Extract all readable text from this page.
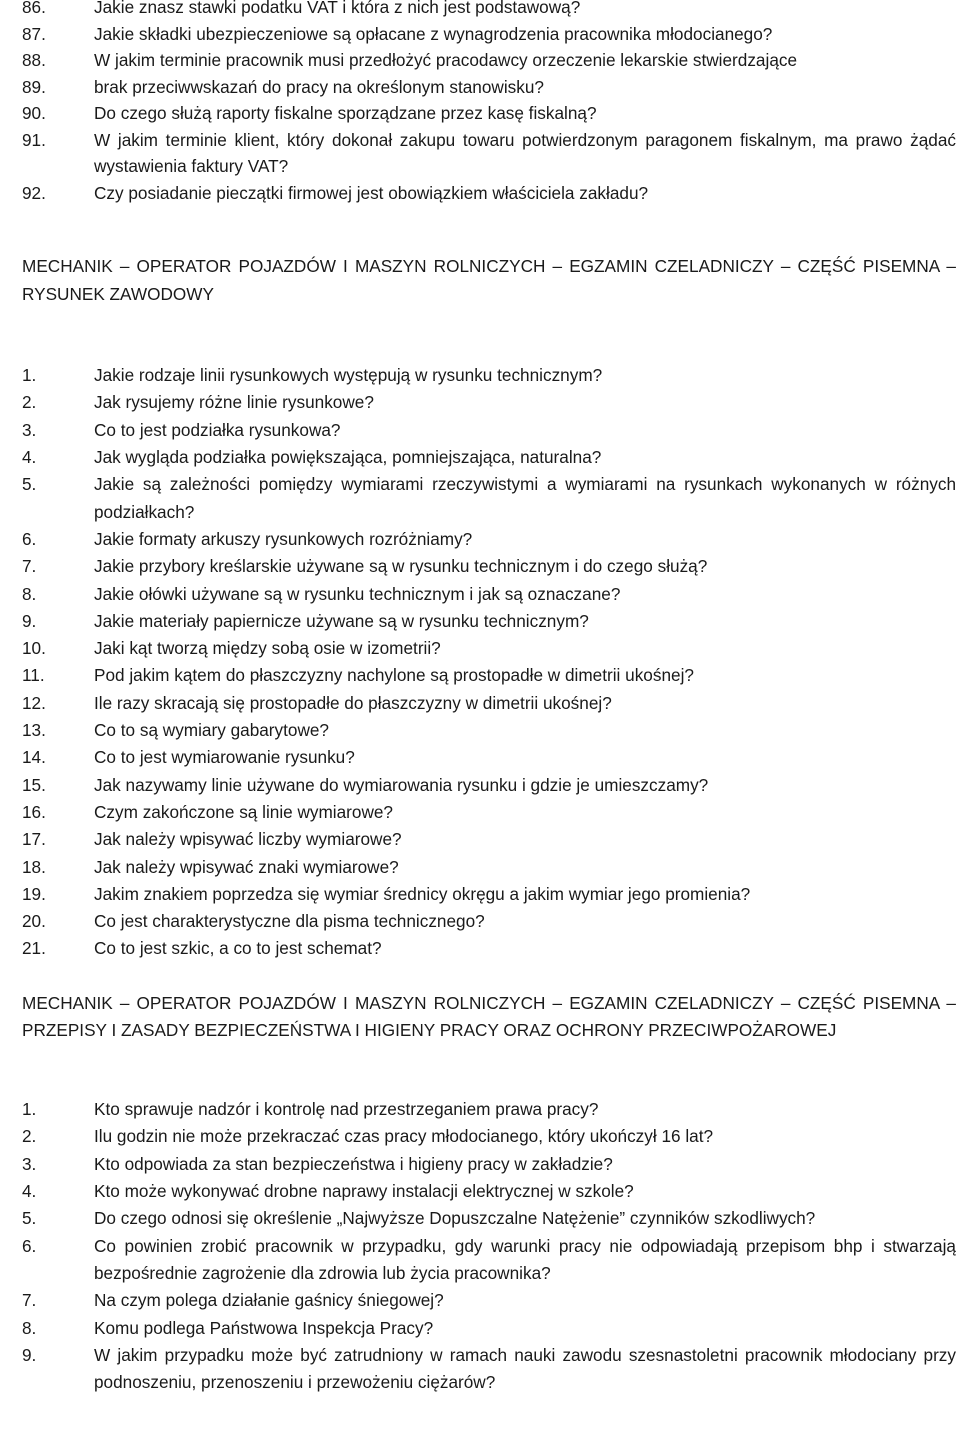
86.	Jakie znasz stawki podatku VAT i która z nich jest podstawową?
87.	Jakie składki ubezpieczeniowe są opłacane z wynagrodzenia pracownika młodocianego?
88.	W jakim terminie pracownik musi przedłożyć pracodawcy orzeczenie lekarskie stwierdzające
89.	brak przeciwwskazań do pracy na określonym stanowisku?
90.	Do czego służą raporty fiskalne sporządzane przez kasę fiskalną?
91.	W jakim terminie klient, który dokonał zakupu towaru potwierdzonym paragonem fiskalnym, ma prawo żądać wystawienia faktury VAT?
92.	Czy posiadanie pieczątki firmowej jest obowiązkiem właściciela zakładu?
MECHANIK – OPERATOR POJAZDÓW I MASZYN ROLNICZYCH – EGZAMIN CZELADNICZY – CZĘŚĆ PISEMNA – RYSUNEK ZAWODOWY
1.	Jakie rodzaje linii rysunkowych występują w rysunku technicznym?
2.	Jak rysujemy różne linie rysunkowe?
3.	Co to jest podziałka rysunkowa?
4.	Jak wygląda podziałka powiększająca, pomniejszająca, naturalna?
5.	Jakie są zależności pomiędzy wymiarami rzeczywistymi a wymiarami na rysunkach wykonanych w różnych podziałkach?
6.	Jakie formaty arkuszy rysunkowych rozróżniamy?
7.	Jakie przybory kreślarskie używane są w rysunku technicznym i do czego służą?
8.	Jakie ołówki używane są w rysunku technicznym i jak są oznaczane?
9.	Jakie materiały papiernicze używane są w rysunku technicznym?
10.	Jaki kąt tworzą między sobą osie w izometrii?
11.	Pod jakim kątem do płaszczyzny nachylone są prostopadłe w dimetrii ukośnej?
12.	Ile razy skracają się prostopadłe do płaszczyzny w dimetrii ukośnej?
13.	Co to są wymiary gabarytowe?
14.	Co to jest wymiarowanie rysunku?
15.	Jak nazywamy linie używane do wymiarowania rysunku i gdzie je umieszczamy?
16.	Czym zakończone są linie wymiarowe?
17.	Jak należy wpisywać liczby wymiarowe?
18.	Jak należy wpisywać znaki wymiarowe?
19.	Jakim znakiem poprzedza się wymiar średnicy okręgu a jakim wymiar jego promienia?
20.	Co jest charakterystyczne dla pisma technicznego?
21.	Co to jest szkic, a co to jest schemat?
MECHANIK – OPERATOR POJAZDÓW I MASZYN ROLNICZYCH – EGZAMIN CZELADNICZY – CZĘŚĆ PISEMNA – PRZEPISY I ZASADY BEZPIECZEŃSTWA I HIGIENY PRACY ORAZ OCHRONY PRZECIWPOŻAROWEJ
1.	Kto sprawuje nadzór i kontrolę nad przestrzeganiem prawa pracy?
2.	Ilu godzin nie może przekraczać czas pracy młodocianego, który ukończył 16 lat?
3.	Kto odpowiada za stan bezpieczeństwa i higieny pracy w zakładzie?
4.	Kto może wykonywać drobne naprawy instalacji elektrycznej w szkole?
5.	Do czego odnosi się określenie „Najwyższe Dopuszczalne Natężenie” czynników szkodliwych?
6.	Co powinien zrobić pracownik w przypadku, gdy warunki pracy nie odpowiadają przepisom bhp i stwarzają bezpośrednie zagrożenie dla zdrowia lub życia pracownika?
7.	Na czym polega działanie gaśnicy śniegowej?
8.	Komu podlega Państwowa Inspekcja Pracy?
9.	W jakim przypadku może być zatrudniony w ramach nauki zawodu szesnastoletni pracownik młodociany przy podnoszeniu, przenoszeniu i przewożeniu ciężarów?
